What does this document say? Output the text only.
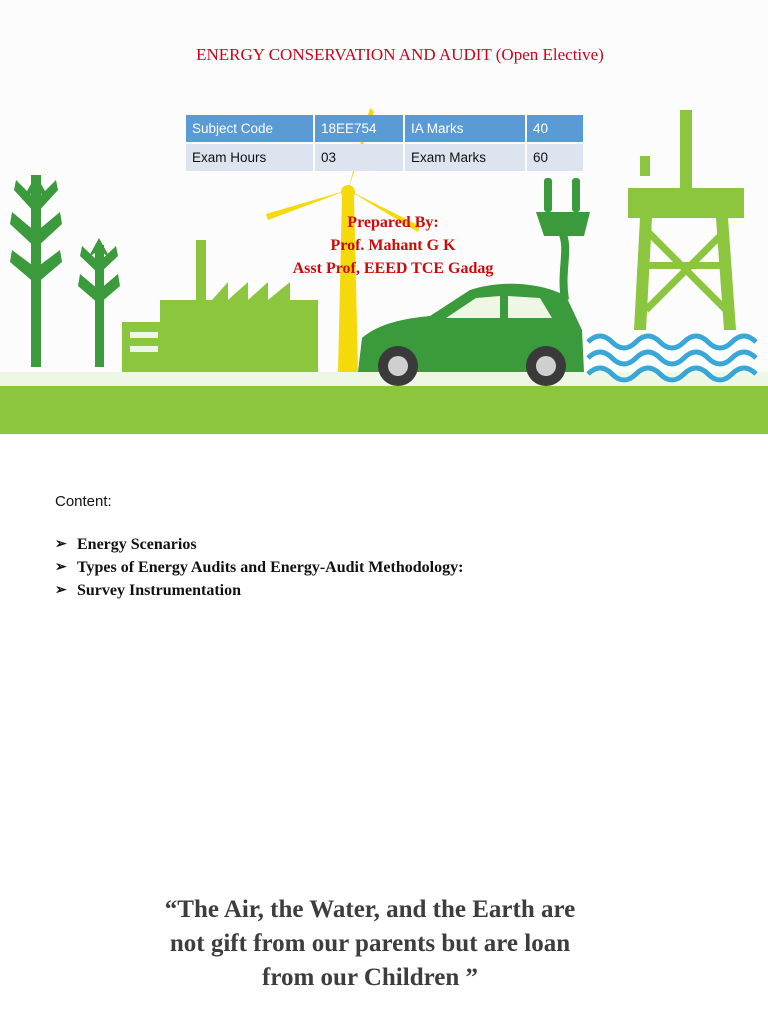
ENERGY CONSERVATION AND AUDIT (Open Elective)
Subject Code	18EE754	IA Marks	40
Exam Hours	03	Exam Marks	60
Prepared By:
Prof. Mahant G K
Asst Prof, EEED TCE Gadag
Content:
➢ Energy Scenarios
➢ Types of Energy Audits and Energy-Audit Methodology:
➢ Survey Instrumentation
“The Air, the Water, and the Earth are
not gift from our parents but are loan
from our Children ”
